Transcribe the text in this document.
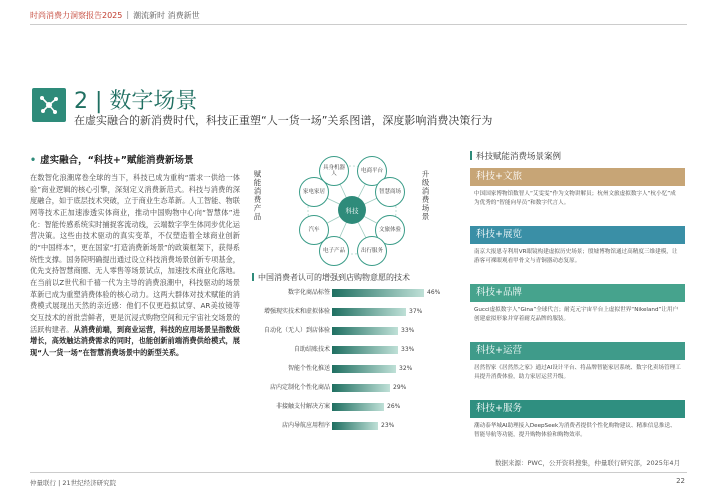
时尚消费力洞察报告2025 | 潮流新时 消费新世
2 | 数字场景
在虚实融合的新消费时代，科技正重塑“人一货一场”关系图谱，深度影响消费决策行为
• 虚实融合，“科技+”赋能消费新场景
在数智化浪潮席卷全球的当下，科技已成为重构“需求一供给一体验”商业逻辑的核心引擎，深刻定义消费新范式。科技与消费的深度融合，如于底层技术突破，立于商业生态革新。人工智能、物联网等技术正加速渗透实体商业，推动中国购物中心向“智慧体”进化：智能传感系统实时捕捉客流动线，云端数字孪生体同步优化运营决策。这些由技术驱动的真实变革，不仅塑造着全球商业创新的“中国样本”，更在国家“打造消费新场景”的政策框架下，获得系统性支撑。国务院明确提出通过设立科技消费场景创新专项基金，优先支持智慧商圈、无人零售等场景试点，加速技术商业化落地。在当前以Z世代和千禧一代为主导的消费浪潮中，科技驱动的场景革新已成为重塑消费体验的核心动力。这两大群体对技术赋能的消费模式展现出天然的亲近感：他们不仅更趋拟试穿、AR美妆镜等交互技术的首批尝鲜者，更是沉浸式购物空间和元宇宙社交场景的活跃构建者。从消费前端，到商业运营，科技的应用场景呈指数级增长，高效触达消费需求的同时，也能创新前端消费供给模式，展现“人一货一场”在智慧消费场景中的新型关系。
赋能消费产品	升级消费场景
科技
具身机器人
电商平台
智慧商场
文旅体验
出行服务
电子产品
汽车
家电家居
中国消费者认可的增强到店购物意愿的技术
数字化商品标签	46%
增强现实技术和虚拟体验	37%
自动化（无人）到店体验	33%
自助结账技术	33%
智能个性化推送	32%
店内定制化个性化商品	29%
非接触支付解决方案	26%
店内导航应用程序	23%
科技赋能消费场景案例
科技+文旅
中国国家博物馆数智人“艾雯雯”作为文物讲解员；杭州文旅虚拟数字人“杭小忆”成为优秀的“智能向导员”和数字代言人。
科技+展览
南京大报恩寺利用VR眼镜构建虚拟历史场景；殷墟博物馆通过高精度三维建模，让游客可裸眼观看甲骨文与青铜器动态复原。
科技+品牌
Gucci虚拟数字人“Gina”全球代言；耐克元宇宙平台上虚拟世界“Nikeland”让用户创建虚拟形象并穿着耐克品牌的服装。
科技+运营
居然智家《居然然之家》通过AI设计平台、将品牌智能家居系统、数字化卖场管理工具提升消费体验，助力家居运营升级。
科技+服务
潮动泰华城AI助理接入DeepSeek为消费者提供个性化购物建议、精准信息推送、智能导航等功能，提升购物体验和购物效率。
数据来源：PWC，公开资料搜集，仲量联行研究部，2025年4月
仲量联行 | 21世纪经济研究院	22
